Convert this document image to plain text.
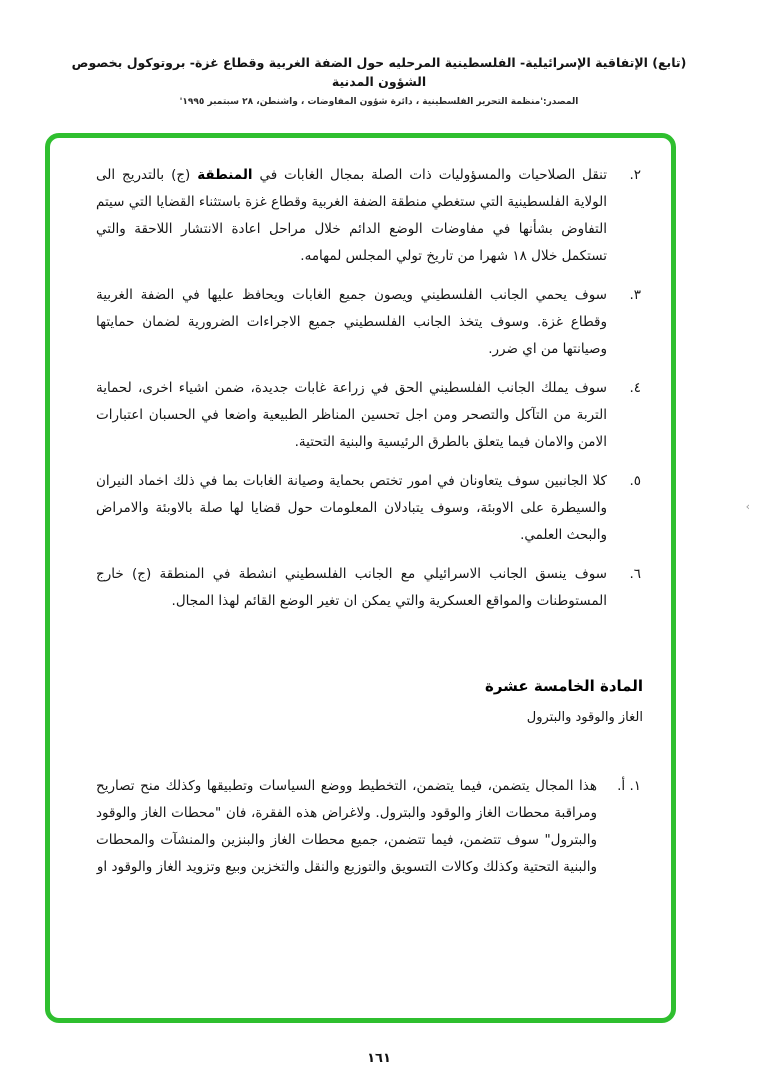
(تابع) الإتفاقية الإسرائيلية- الفلسطينية المرحليه حول الضفة الغربية وقطاع غزة- بروتوكول بخصوص الشؤون المدنية
المصدر:'منظمة التحرير الفلسطينية ، دائرة شؤون المفاوضات ، واشنطن، ٢٨ سبتمبر ١٩٩٥'
٢.
تنقل الصلاحيات والمسؤوليات ذات الصلة بمجال الغابات في المنطقة (ج) بالتدريج الى الولاية الفلسطينية التي ستغطي منطقة الضفة الغربية وقطاع غزة باستثناء القضايا التي سيتم التفاوض بشأنها في مفاوضات الوضع الدائم خلال مراحل اعادة الانتشار اللاحقة والتي تستكمل خلال ١٨ شهرا من تاريخ تولي المجلس لمهامه.
٣.
سوف يحمي الجانب الفلسطيني ويصون جميع الغابات ويحافظ عليها في الضفة الغربية وقطاع غزة. وسوف يتخذ الجانب الفلسطيني جميع الاجراءات الضرورية لضمان حمايتها وصيانتها من اي ضرر.
٤.
سوف يملك الجانب الفلسطيني الحق في زراعة غابات جديدة، ضمن اشياء اخرى، لحماية التربة من التآكل والتصحر ومن اجل تحسين المناظر الطبيعية واضعا في الحسبان اعتبارات الامن والامان فيما يتعلق بالطرق الرئيسية والبنية التحتية.
٥.
كلا الجانبين سوف يتعاونان في امور تختص بحماية وصيانة الغابات بما في ذلك اخماد النيران والسيطرة على الاوبئة، وسوف يتبادلان المعلومات حول قضايا لها صلة بالاوبئة والامراض والبحث العلمي.
٦.
سوف ينسق الجانب الاسرائيلي مع الجانب الفلسطيني انشطة في المنطقة (ج) خارج المستوطنات والمواقع العسكرية والتي يمكن ان تغير الوضع القائم لهذا المجال.
المادة الخامسة عشرة
الغاز والوقود والبترول
١. أ.
هذا المجال يتضمن، فيما يتضمن، التخطيط ووضع السياسات وتطبيقها وكذلك منح تصاريح ومراقبة محطات الغاز والوقود والبترول. ولاغراض هذه الفقرة، فان "محطات الغاز والوقود والبترول" سوف تتضمن، فيما تتضمن، جميع محطات الغاز والبنزين والمنشآت والمحطات والبنية التحتية وكذلك وكالات التسويق والتوزيع والنقل والتخزين وبيع وتزويد الغاز والوقود او
‹
١٦١
